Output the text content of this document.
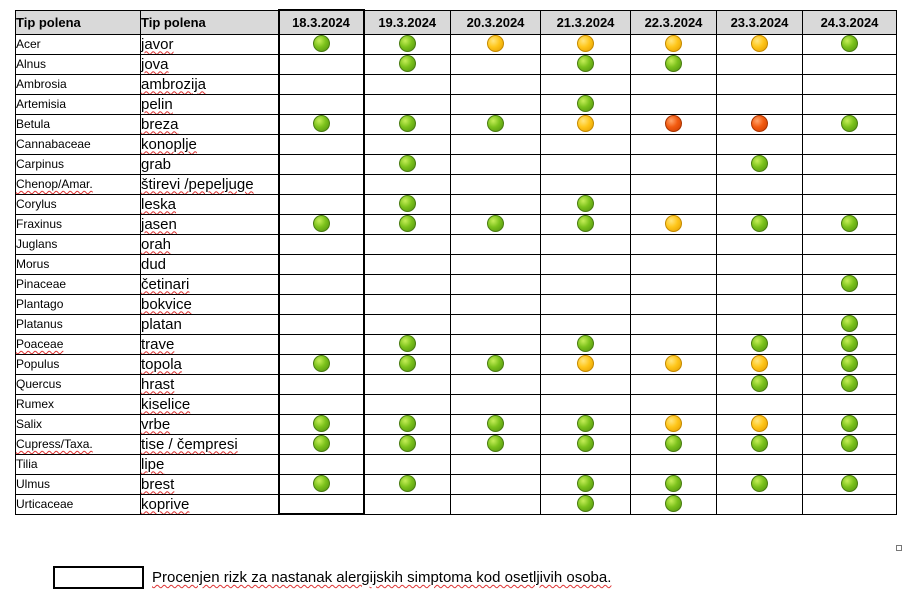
Tip polena	Tip polena	18.3.2024	19.3.2024	20.3.2024	21.3.2024	22.3.2024	23.3.2024	24.3.2024
Acer	javor							
Alnus	jova							
Ambrosia	ambrozija							
Artemisia	pelin							
Betula	breza							
Cannabaceae	konoplje							
Carpinus	grab							
Chenop/Amar.	štirevi /pepeljuge							
Corylus	leska							
Fraxinus	jasen							
Juglans	orah							
Morus	dud							
Pinaceae	četinari							
Plantago	bokvice							
Platanus	platan							
Poaceae	trave							
Populus	topola							
Quercus	hrast							
Rumex	kiselice							
Salix	vrbe							
Cupress/Taxa.	tise / čempresi							
Tilia	lipe							
Ulmus	brest							
Urticaceae	koprive							
Procenjen rizk za nastanak alergijskih simptoma kod osetljivih osoba.
